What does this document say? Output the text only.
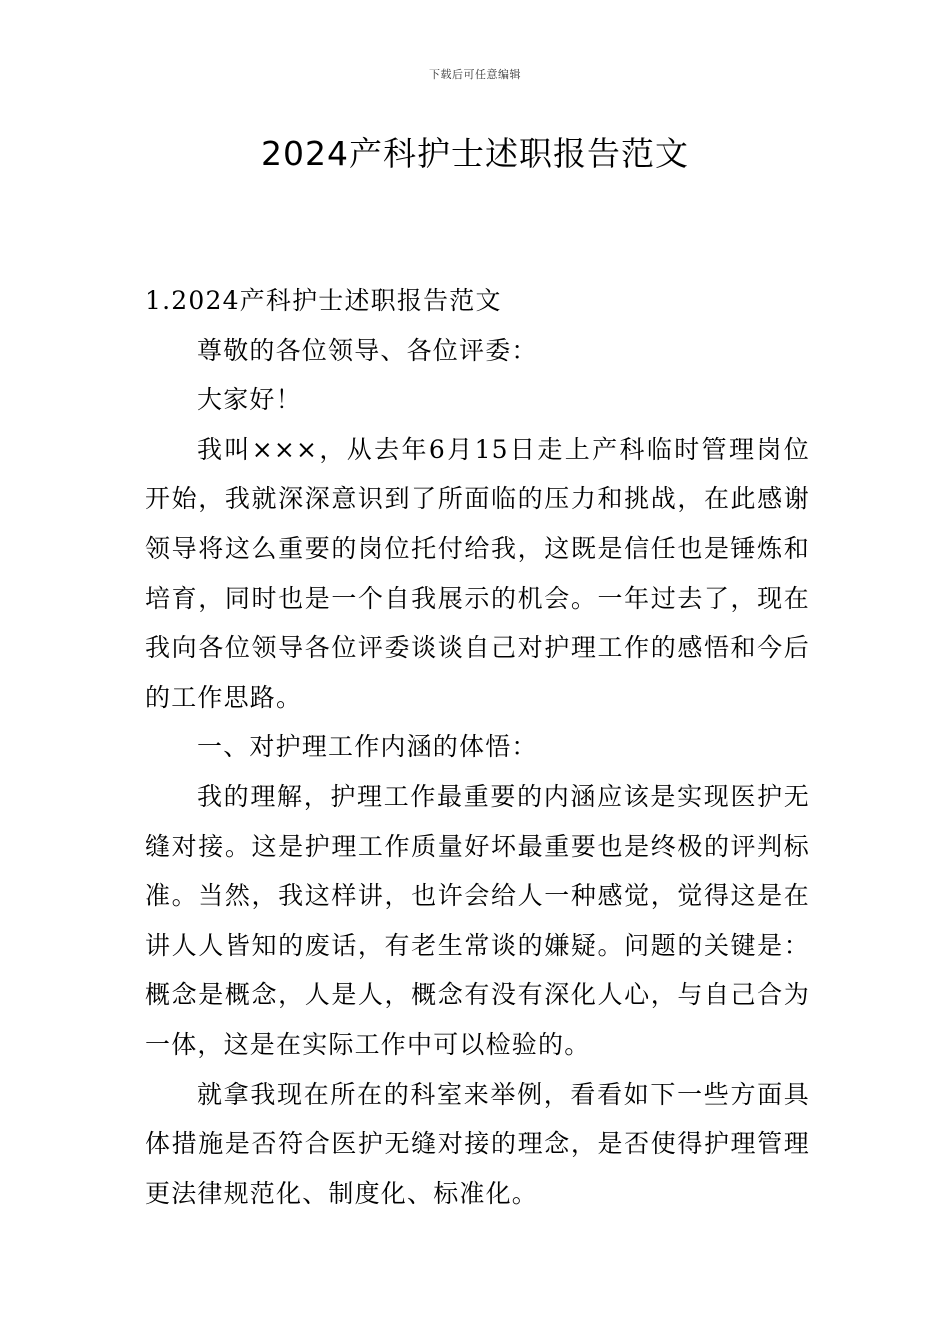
下载后可任意编辑
2024产科护士述职报告范文

1.2024产科护士述职报告范文

尊敬的各位领导、各位评委：

大家好！

我叫×××，从去年6月15日走上产科临时管理岗位开始，我就深深意识到了所面临的压力和挑战，在此感谢领导将这么重要的岗位托付给我，这既是信任也是锤炼和培育，同时也是一个自我展示的机会。一年过去了，现在我向各位领导各位评委谈谈自己对护理工作的感悟和今后的工作思路。

一、对护理工作内涵的体悟：

我的理解，护理工作最重要的内涵应该是实现医护无缝对接。这是护理工作质量好坏最重要也是终极的评判标准。当然，我这样讲，也许会给人一种感觉，觉得这是在讲人人皆知的废话，有老生常谈的嫌疑。问题的关键是：概念是概念，人是人，概念有没有深化人心，与自己合为一体，这是在实际工作中可以检验的。

就拿我现在所在的科室来举例，看看如下一些方面具体措施是否符合医护无缝对接的理念，是否使得护理管理更法律规范化、制度化、标准化。
